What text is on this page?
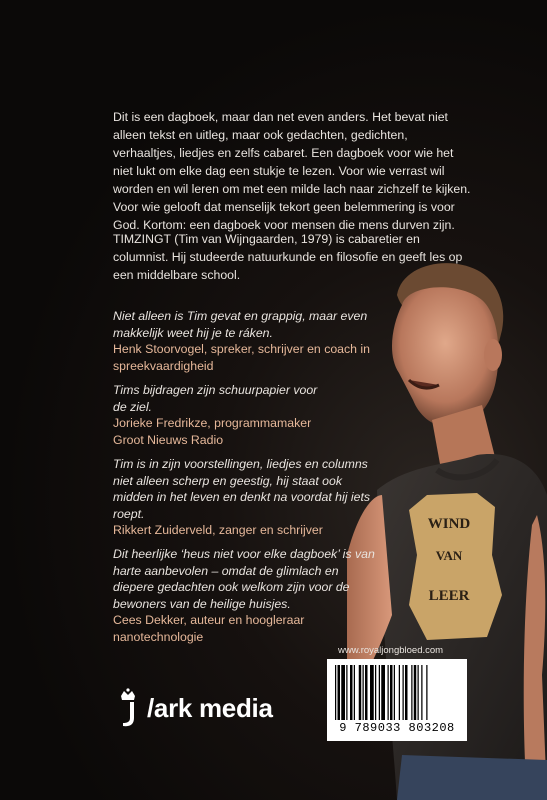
WIND
VAN
LEER
Dit is een dagboek, maar dan net even anders. Het bevat niet alleen tekst en uitleg, maar ook gedachten, gedichten, verhaaltjes, liedjes en zelfs cabaret. Een dagboek voor wie het niet lukt om elke dag een stukje te lezen. Voor wie verrast wil worden en wil leren om met een milde lach naar zichzelf te kijken. Voor wie gelooft dat menselijk tekort geen belemmering is voor God. Kortom: een dagboek voor mensen die mens durven zijn.
TIMZINGT (Tim van Wijngaarden, 1979) is cabaretier en columnist. Hij studeerde natuurkunde en filosofie en geeft les op een middelbare school.
Niet alleen is Tim gevat en grappig, maar even makkelijk weet hij je te ráken.
Henk Stoorvogel, spreker, schrijver en coach in spreekvaardigheid
Tims bijdragen zijn schuurpapier voor de ziel.
Jorieke Fredrikze, programmamaker Groot Nieuws Radio
Tim is in zijn voorstellingen, liedjes en columns niet alleen scherp en geestig, hij staat ook midden in het leven en denkt na voordat hij iets roept.
Rikkert Zuiderveld, zanger en schrijver
Dit heerlijke ‘heus niet voor elke dagboek’ is van harte aanbevolen – omdat de glimlach en diepere gedachten ook welkom zijn voor de bewoners van de heilige huisjes.
Cees Dekker, auteur en hoogleraar nanotechnologie
/ark media
www.royaljongbloed.com
9 789033 803208
